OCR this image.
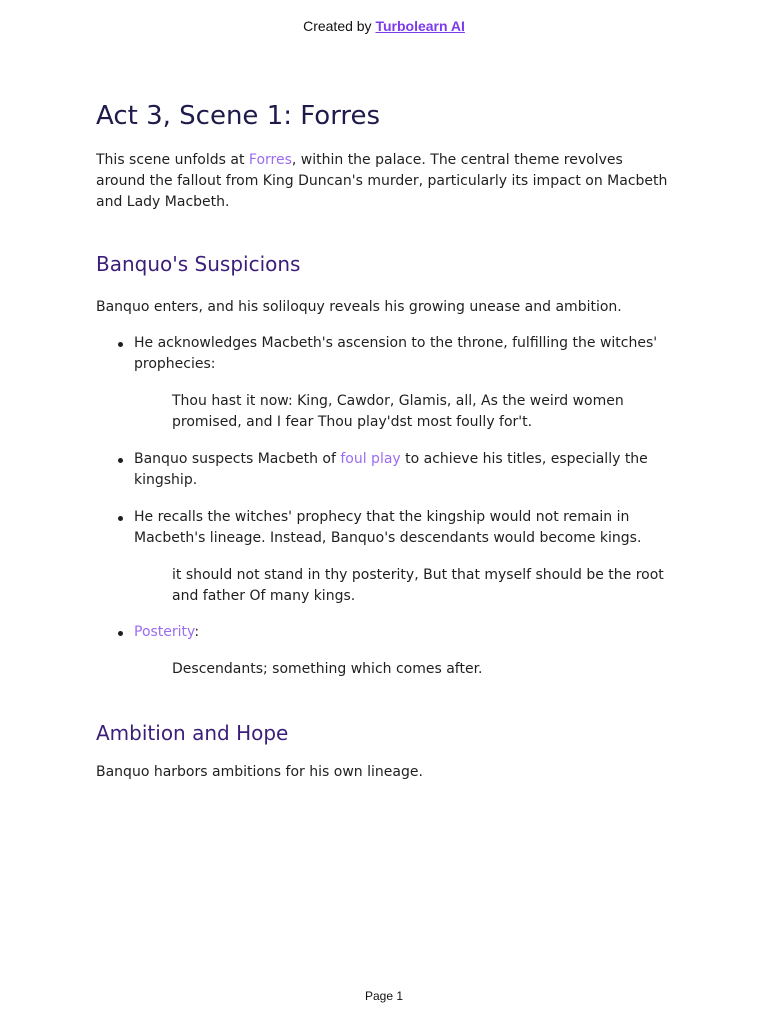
Created by Turbolearn AI
Act 3, Scene 1: Forres

This scene unfolds at Forres, within the palace. The central theme revolves around the fallout from King Duncan's murder, particularly its impact on Macbeth and Lady Macbeth.

Banquo's Suspicions

Banquo enters, and his soliloquy reveals his growing unease and ambition.

He acknowledges Macbeth's ascension to the throne, fulfilling the witches' prophecies:

Thou hast it now: King, Cawdor, Glamis, all, As the weird women promised, and I fear Thou play'dst most foully for't.

Banquo suspects Macbeth of foul play to achieve his titles, especially the kingship.
He recalls the witches' prophecy that the kingship would not remain in Macbeth's lineage. Instead, Banquo's descendants would become kings.

it should not stand in thy posterity, But that myself should be the root and father Of many kings.

Posterity:

Descendants; something which comes after.

Ambition and Hope

Banquo harbors ambitions for his own lineage.

Page 1
